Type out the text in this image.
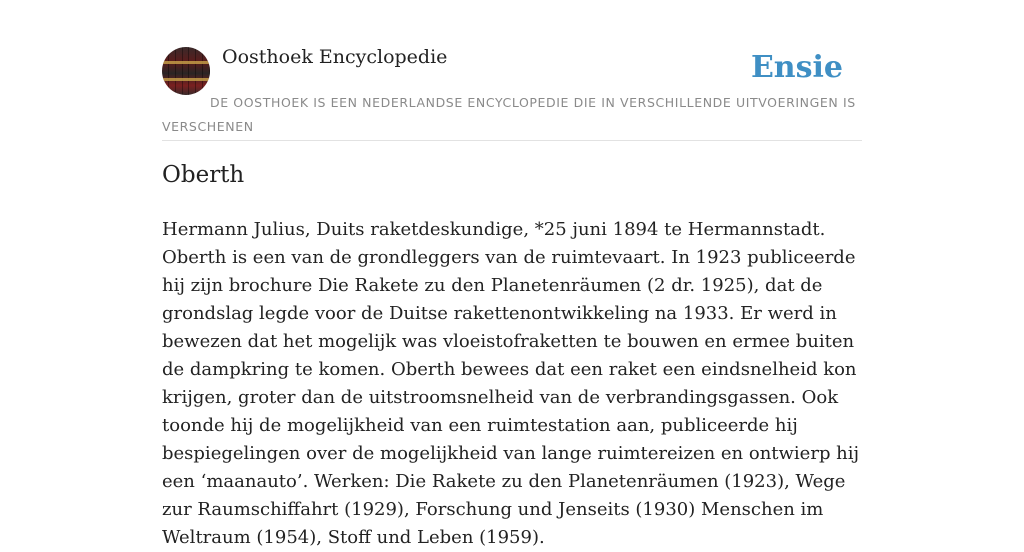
Oosthoek Encyclopedie	Ensie
DE OOSTHOEK IS EEN NEDERLANDSE ENCYCLOPEDIE DIE IN VERSCHILLENDE UITVOERINGEN IS VERSCHENEN
Oberth

Hermann Julius, Duits raketdeskundige, *25 juni 1894 te Hermannstadt. Oberth is een van de grondleggers van de ruimtevaart. In 1923 publiceerde hij zijn brochure Die Rakete zu den Planetenräumen (2 dr. 1925), dat de grondslag legde voor de Duitse rakettenontwikkeling na 1933. Er werd in bewezen dat het mogelijk was vloeistofraketten te bouwen en ermee buiten de dampkring te komen. Oberth bewees dat een raket een eindsnelheid kon krijgen, groter dan de uitstroomsnelheid van de verbrandingsgassen. Ook toonde hij de mogelijkheid van een ruimtestation aan, publiceerde hij bespiegelingen over de mogelijkheid van lange ruimtereizen en ontwierp hij een ‘maanauto’. Werken: Die Rakete zu den Planetenräumen (1923), Wege zur Raumschiffahrt (1929), Forschung und Jenseits (1930) Menschen im Weltraum (1954), Stoff und Leben (1959).
